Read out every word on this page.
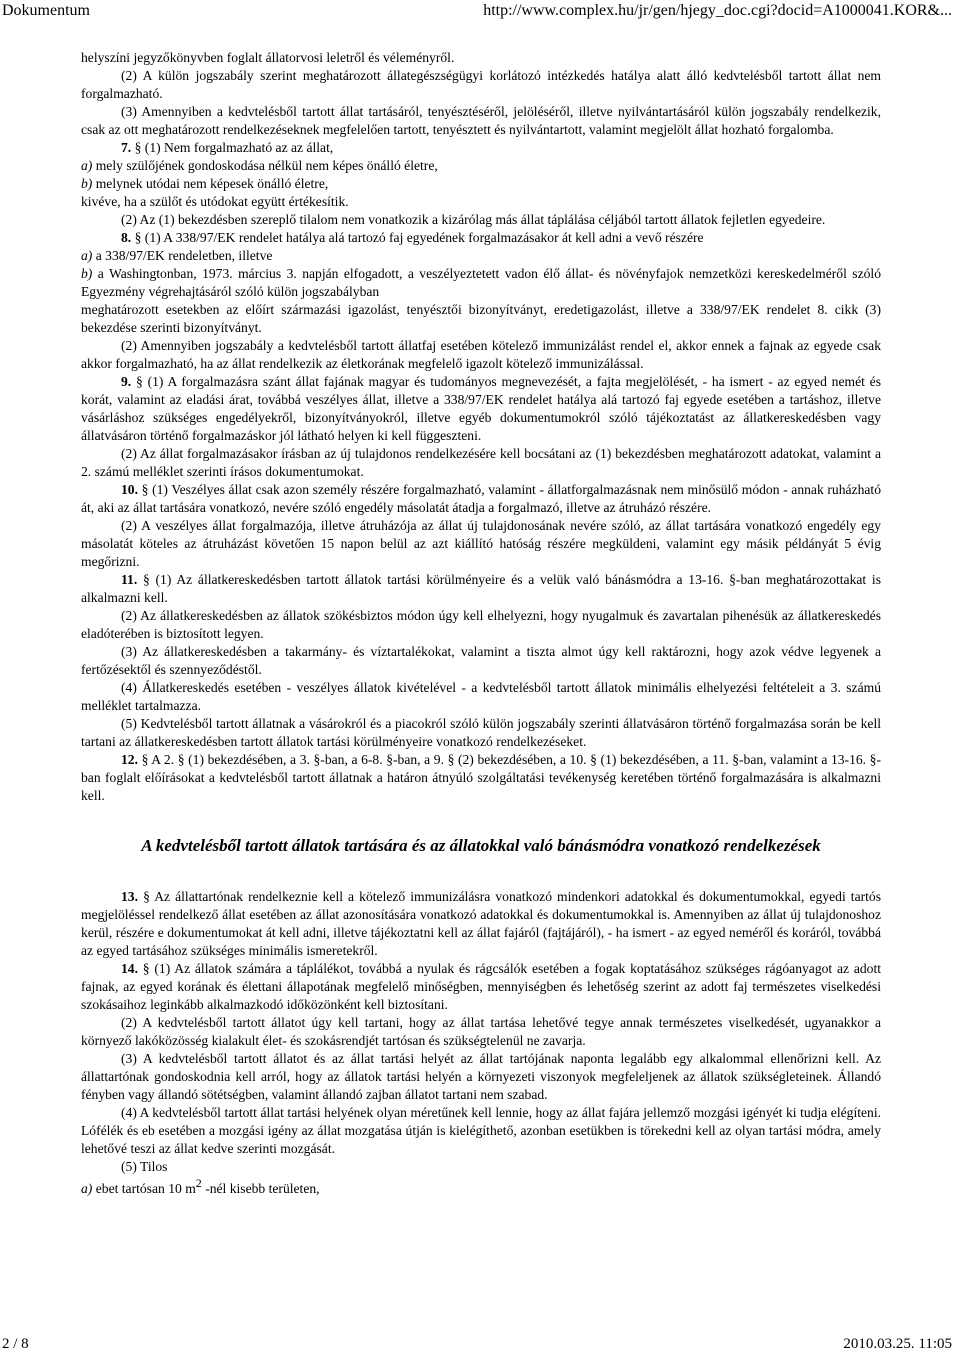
Dokumentum	http://www.complex.hu/jr/gen/hjegy_doc.cgi?docid=A1000041.KOR&...

helyszíni jegyzőkönyvben foglalt állatorvosi leletről és véleményről.

(2) A külön jogszabály szerint meghatározott állategészségügyi korlátozó intézkedés hatálya alatt álló kedvtelésből tartott állat nem forgalmazható.

(3) Amennyiben a kedvtelésből tartott állat tartásáról, tenyésztéséről, jelöléséről, illetve nyilvántartásáról külön jogszabály rendelkezik, csak az ott meghatározott rendelkezéseknek megfelelően tartott, tenyésztett és nyilvántartott, valamint megjelölt állat hozható forgalomba.

7. § (1) Nem forgalmazható az az állat,

a) mely szülőjének gondoskodása nélkül nem képes önálló életre,

b) melynek utódai nem képesek önálló életre,

kivéve, ha a szülőt és utódokat együtt értékesítik.

(2) Az (1) bekezdésben szereplő tilalom nem vonatkozik a kizárólag más állat táplálása céljából tartott állatok fejletlen egyedeire.

8. § (1) A 338/97/EK rendelet hatálya alá tartozó faj egyedének forgalmazásakor át kell adni a vevő részére

a) a 338/97/EK rendeletben, illetve

b) a Washingtonban, 1973. március 3. napján elfogadott, a veszélyeztetett vadon élő állat- és növényfajok nemzetközi kereskedelméről szóló Egyezmény végrehajtásáról szóló külön jogszabályban

meghatározott esetekben az előírt származási igazolást, tenyésztői bizonyítványt, eredetigazolást, illetve a 338/97/EK rendelet 8. cikk (3) bekezdése szerinti bizonyítványt.

(2) Amennyiben jogszabály a kedvtelésből tartott állatfaj esetében kötelező immunizálást rendel el, akkor ennek a fajnak az egyede csak akkor forgalmazható, ha az állat rendelkezik az életkorának megfelelő igazolt kötelező immunizálással.

9. § (1) A forgalmazásra szánt állat fajának magyar és tudományos megnevezését, a fajta megjelölését, - ha ismert - az egyed nemét és korát, valamint az eladási árat, továbbá veszélyes állat, illetve a 338/97/EK rendelet hatálya alá tartozó faj egyede esetében a tartáshoz, illetve vásárláshoz szükséges engedélyekről, bizonyítványokról, illetve egyéb dokumentumokról szóló tájékoztatást az állatkereskedésben vagy állatvásáron történő forgalmazáskor jól látható helyen ki kell függeszteni.

(2) Az állat forgalmazásakor írásban az új tulajdonos rendelkezésére kell bocsátani az (1) bekezdésben meghatározott adatokat, valamint a 2. számú melléklet szerinti írásos dokumentumokat.

10. § (1) Veszélyes állat csak azon személy részére forgalmazható, valamint - állatforgalmazásnak nem minősülő módon - annak ruházható át, aki az állat tartására vonatkozó, nevére szóló engedély másolatát átadja a forgalmazó, illetve az átruházó részére.

(2) A veszélyes állat forgalmazója, illetve átruházója az állat új tulajdonosának nevére szóló, az állat tartására vonatkozó engedély egy másolatát köteles az átruházást követően 15 napon belül az azt kiállító hatóság részére megküldeni, valamint egy másik példányát 5 évig megőrizni.

11. § (1) Az állatkereskedésben tartott állatok tartási körülményeire és a velük való bánásmódra a 13-16. §-ban meghatározottakat is alkalmazni kell.

(2) Az állatkereskedésben az állatok szökésbiztos módon úgy kell elhelyezni, hogy nyugalmuk és zavartalan pihenésük az állatkereskedés eladóterében is biztosított legyen.

(3) Az állatkereskedésben a takarmány- és víztartalékokat, valamint a tiszta almot úgy kell raktározni, hogy azok védve legyenek a fertőzésektől és szennyeződéstől.

(4) Állatkereskedés esetében - veszélyes állatok kivételével - a kedvtelésből tartott állatok minimális elhelyezési feltételeit a 3. számú melléklet tartalmazza.

(5) Kedvtelésből tartott állatnak a vásárokról és a piacokról szóló külön jogszabály szerinti állatvásáron történő forgalmazása során be kell tartani az állatkereskedésben tartott állatok tartási körülményeire vonatkozó rendelkezéseket.

12. § A 2. § (1) bekezdésében, a 3. §-ban, a 6-8. §-ban, a 9. § (2) bekezdésében, a 10. § (1) bekezdésében, a 11. §-ban, valamint a 13-16. §-ban foglalt előírásokat a kedvtelésből tartott állatnak a határon átnyúló szolgáltatási tevékenység keretében történő forgalmazására is alkalmazni kell.

A kedvtelésből tartott állatok tartására és az állatokkal való bánásmódra vonatkozó rendelkezések

13. § Az állattartónak rendelkeznie kell a kötelező immunizálásra vonatkozó mindenkori adatokkal és dokumentumokkal, egyedi tartós megjelöléssel rendelkező állat esetében az állat azonosítására vonatkozó adatokkal és dokumentumokkal is. Amennyiben az állat új tulajdonoshoz kerül, részére e dokumentumokat át kell adni, illetve tájékoztatni kell az állat fajáról (fajtájáról), - ha ismert - az egyed neméről és koráról, továbbá az egyed tartásához szükséges minimális ismeretekről.

14. § (1) Az állatok számára a táplálékot, továbbá a nyulak és rágcsálók esetében a fogak koptatásához szükséges rágóanyagot az adott fajnak, az egyed korának és élettani állapotának megfelelő minőségben, mennyiségben és lehetőség szerint az adott faj természetes viselkedési szokásaihoz leginkább alkalmazkodó időközönként kell biztosítani.

(2) A kedvtelésből tartott állatot úgy kell tartani, hogy az állat tartása lehetővé tegye annak természetes viselkedését, ugyanakkor a környező lakóközösség kialakult élet- és szokásrendjét tartósan és szükségtelenül ne zavarja.

(3) A kedvtelésből tartott állatot és az állat tartási helyét az állat tartójának naponta legalább egy alkalommal ellenőrizni kell. Az állattartónak gondoskodnia kell arról, hogy az állatok tartási helyén a környezeti viszonyok megfeleljenek az állatok szükségleteinek. Állandó fényben vagy állandó sötétségben, valamint állandó zajban állatot tartani nem szabad.

(4) A kedvtelésből tartott állat tartási helyének olyan méretűnek kell lennie, hogy az állat fajára jellemző mozgási igényét ki tudja elégíteni. Lófélék és eb esetében a mozgási igény az állat mozgatása útján is kielégíthető, azonban esetükben is törekedni kell az olyan tartási módra, amely lehetővé teszi az állat kedve szerinti mozgását.

(5) Tilos

a) ebet tartósan 10 $m^2$ -nél kisebb területen,

2 / 8	2010.03.25. 11:05
